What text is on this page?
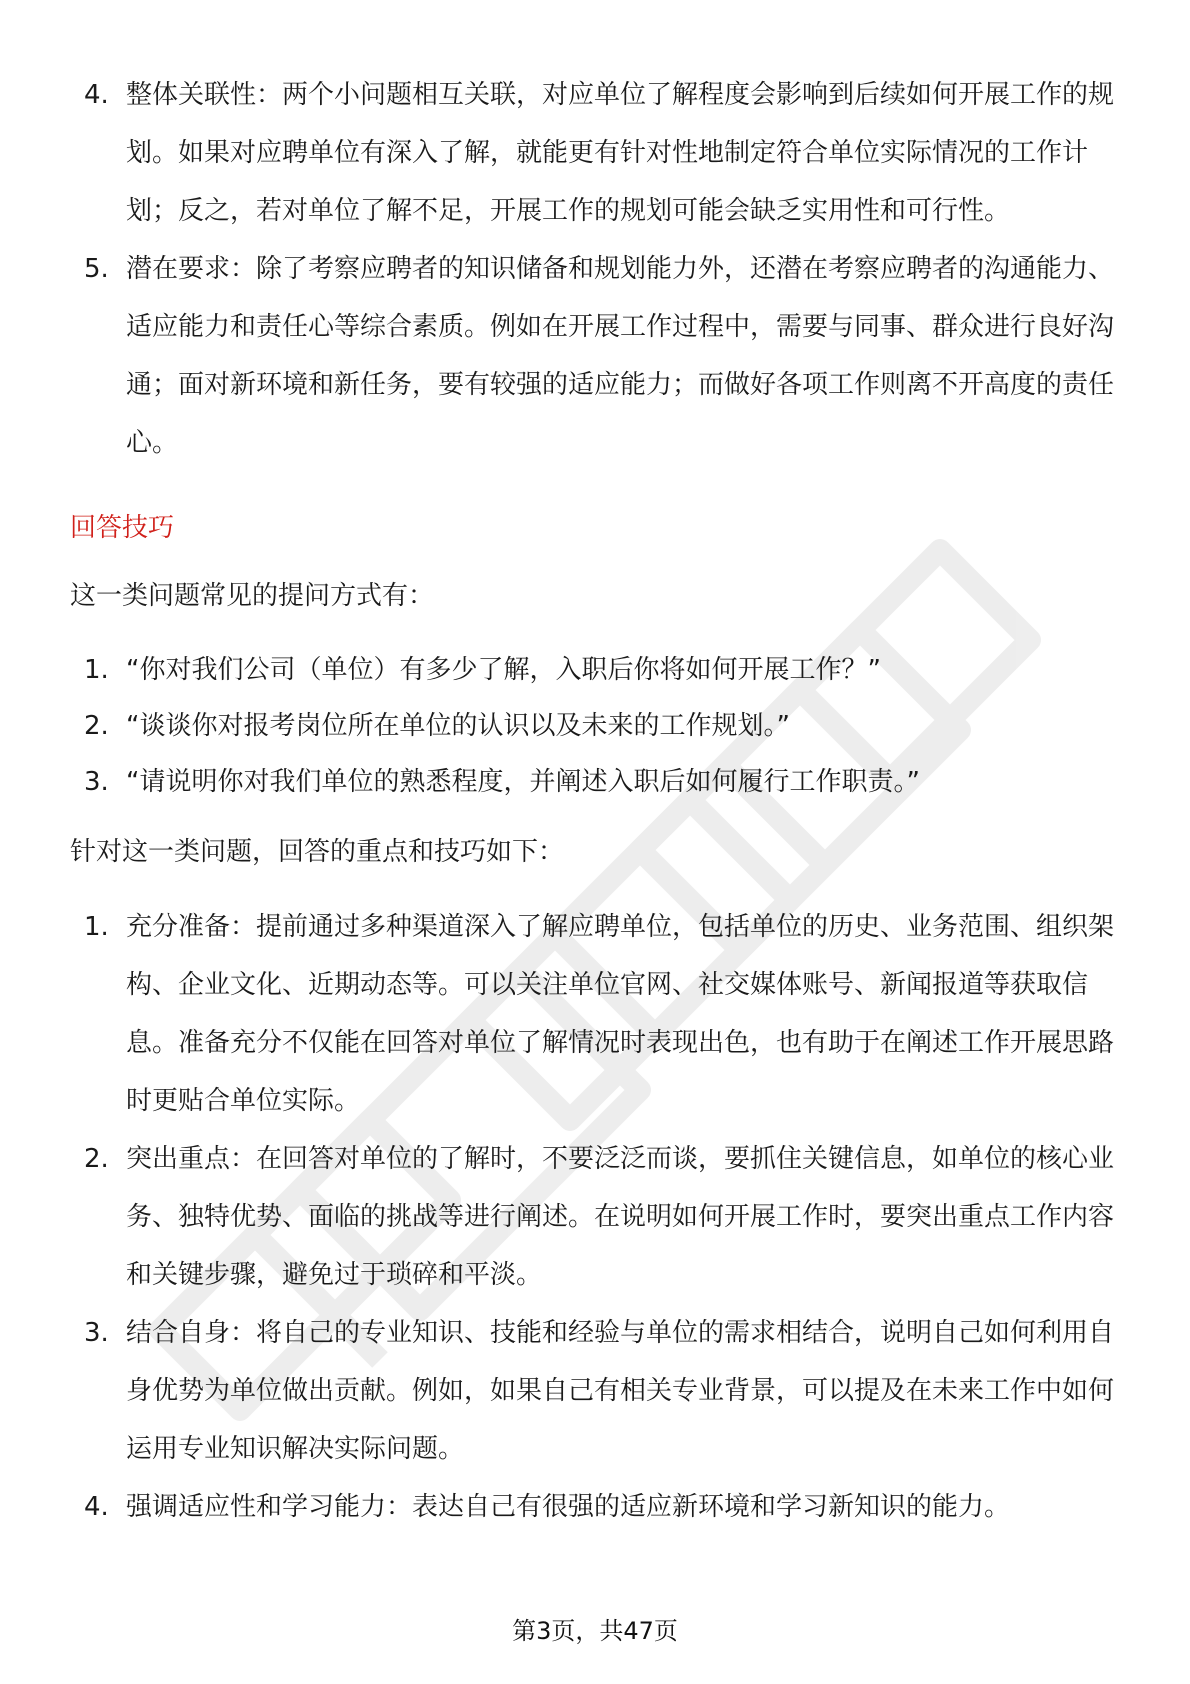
4. 整体关联性：两个小问题相互关联，对应单位了解程度会影响到后续如何开展工作的规划。如果对应聘单位有深入了解，就能更有针对性地制定符合单位实际情况的工作计划；反之，若对单位了解不足，开展工作的规划可能会缺乏实用性和可行性。
5. 潜在要求：除了考察应聘者的知识储备和规划能力外，还潜在考察应聘者的沟通能力、适应能力和责任心等综合素质。例如在开展工作过程中，需要与同事、群众进行良好沟通；面对新环境和新任务，要有较强的适应能力；而做好各项工作则离不开高度的责任心。
回答技巧

这一类问题常见的提问方式有：

1. “你对我们公司（单位）有多少了解，入职后你将如何开展工作？”
2. “谈谈你对报考岗位所在单位的认识以及未来的工作规划。”
3. “请说明你对我们单位的熟悉程度，并阐述入职后如何履行工作职责。”

针对这一类问题，回答的重点和技巧如下：

1. 充分准备：提前通过多种渠道深入了解应聘单位，包括单位的历史、业务范围、组织架构、企业文化、近期动态等。可以关注单位官网、社交媒体账号、新闻报道等获取信息。准备充分不仅能在回答对单位了解情况时表现出色，也有助于在阐述工作开展思路时更贴合单位实际。
2. 突出重点：在回答对单位的了解时，不要泛泛而谈，要抓住关键信息，如单位的核心业务、独特优势、面临的挑战等进行阐述。在说明如何开展工作时，要突出重点工作内容和关键步骤，避免过于琐碎和平淡。
3. 结合自身：将自己的专业知识、技能和经验与单位的需求相结合，说明自己如何利用自身优势为单位做出贡献。例如，如果自己有相关专业背景，可以提及在未来工作中如何运用专业知识解决实际问题。
4. 强调适应性和学习能力：表达自己有很强的适应新环境和学习新知识的能力。
第3页，共47页
